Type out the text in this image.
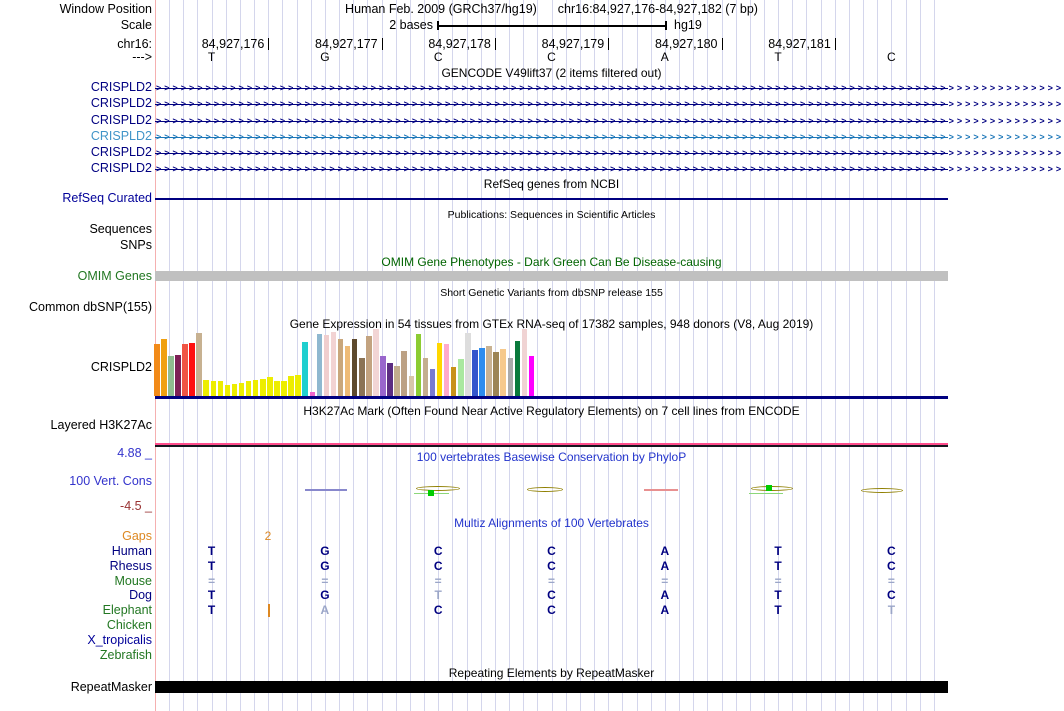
84,927,176	84,927,177	84,927,178	84,927,179	84,927,180	84,927,181
T	G	C	C	A	T	C
CRISPLD2 >>>>>>>>>>>>>>>>>>>>>>>>>>>>>>>>>>>>>>>>>>>>>>>>>>>>>>>>>>>>>>>>>>>>>>>>>>>>>>>>>>>>>>>>>>>>>>>>>>>>>>>>>>>>>>
CRISPLD2 >>>>>>>>>>>>>>>>>>>>>>>>>>>>>>>>>>>>>>>>>>>>>>>>>>>>>>>>>>>>>>>>>>>>>>>>>>>>>>>>>>>>>>>>>>>>>>>>>>>>>>>>>>>>>>
CRISPLD2 >>>>>>>>>>>>>>>>>>>>>>>>>>>>>>>>>>>>>>>>>>>>>>>>>>>>>>>>>>>>>>>>>>>>>>>>>>>>>>>>>>>>>>>>>>>>>>>>>>>>>>>>>>>>>>
CRISPLD2 >>>>>>>>>>>>>>>>>>>>>>>>>>>>>>>>>>>>>>>>>>>>>>>>>>>>>>>>>>>>>>>>>>>>>>>>>>>>>>>>>>>>>>>>>>>>>>>>>>>>>>>>>>>>>>
CRISPLD2 >>>>>>>>>>>>>>>>>>>>>>>>>>>>>>>>>>>>>>>>>>>>>>>>>>>>>>>>>>>>>>>>>>>>>>>>>>>>>>>>>>>>>>>>>>>>>>>>>>>>>>>>>>>>>>
CRISPLD2 >>>>>>>>>>>>>>>>>>>>>>>>>>>>>>>>>>>>>>>>>>>>>>>>>>>>>>>>>>>>>>>>>>>>>>>>>>>>>>>>>>>>>>>>>>>>>>>>>>>>>>>>>>>>>>
Gaps
Human	T	G	C	C	A	T	C
Rhesus	T	G	C	C	A	T	C
Mouse	=	=	=	=	=	=	=
Dog	T	G	T	C	A	T	C
Elephant	T	A	C	C	A	T	T
Chicken
X_tropicalis
Zebrafish
2
Window Position	Human Feb. 2009 (GRCh37/hg19) chr16:84,927,176-84,927,182 (7 bp)
Scale	2 bases	hg19
chr16:
--->
GENCODE V49lift37 (2 items filtered out)
RefSeq genes from NCBI
RefSeq Curated
Publications: Sequences in Scientific Articles
Sequences
SNPs
OMIM Gene Phenotypes - Dark Green Can Be Disease-causing
OMIM Genes
Short Genetic Variants from dbSNP release 155
Common dbSNP(155)
Gene Expression in 54 tissues from GTEx RNA-seq of 17382 samples, 948 donors (V8, Aug 2019)
CRISPLD2
H3K27Ac Mark (Often Found Near Active Regulatory Elements) on 7 cell lines from ENCODE
Layered H3K27Ac
4.88 _	100 vertebrates Basewise Conservation by PhyloP
100 Vert. Cons
-4.5 _
Multiz Alignments of 100 Vertebrates
Repeating Elements by RepeatMasker
RepeatMasker
